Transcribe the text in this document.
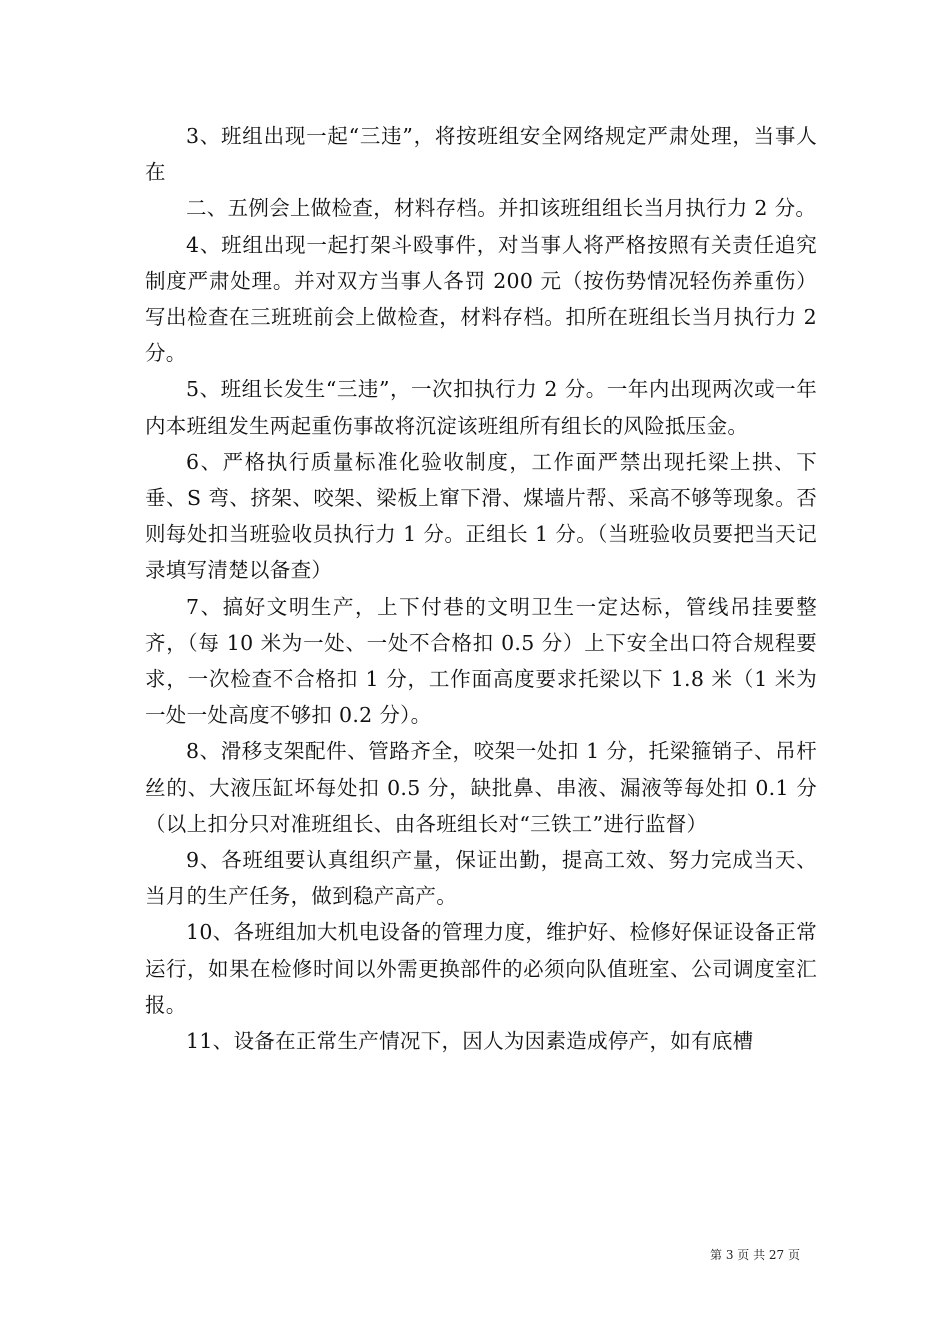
3、班组出现一起“三违”，将按班组安全网络规定严肃处理，当事人在

二、五例会上做检查，材料存档。并扣该班组组长当月执行力 2 分。

4、班组出现一起打架斗殴事件，对当事人将严格按照有关责任追究制度严肃处理。并对双方当事人各罚 200 元（按伤势情况轻伤养重伤）写出检查在三班班前会上做检查，材料存档。扣所在班组长当月执行力 2 分。

5、班组长发生“三违”，一次扣执行力 2 分。一年内出现两次或一年内本班组发生两起重伤事故将沉淀该班组所有组长的风险抵压金。

6、严格执行质量标准化验收制度，工作面严禁出现托梁上拱、下垂、S 弯、挤架、咬架、梁板上窜下滑、煤墙片帮、采高不够等现象。否则每处扣当班验收员执行力 1 分。正组长 1 分。（当班验收员要把当天记录填写清楚以备查）

7、搞好文明生产，上下付巷的文明卫生一定达标，管线吊挂要整齐，（每 10 米为一处、一处不合格扣 0.5 分）上下安全出口符合规程要求，一次检查不合格扣 1 分，工作面高度要求托梁以下 1.8 米（1 米为一处一处高度不够扣 0.2 分）。

8、滑移支架配件、管路齐全，咬架一处扣 1 分，托梁箍销子、吊杆丝的、大液压缸坏每处扣 0.5 分，缺批鼻、串液、漏液等每处扣 0.1 分（以上扣分只对准班组长、由各班组长对“三铁工”进行监督）

9、各班组要认真组织产量，保证出勤，提高工效、努力完成当天、当月的生产任务，做到稳产高产。

10、各班组加大机电设备的管理力度，维护好、检修好保证设备正常运行，如果在检修时间以外需更换部件的必须向队值班室、公司调度室汇报。

11、设备在正常生产情况下，因人为因素造成停产，如有底槽

第 3 页 共 27 页
